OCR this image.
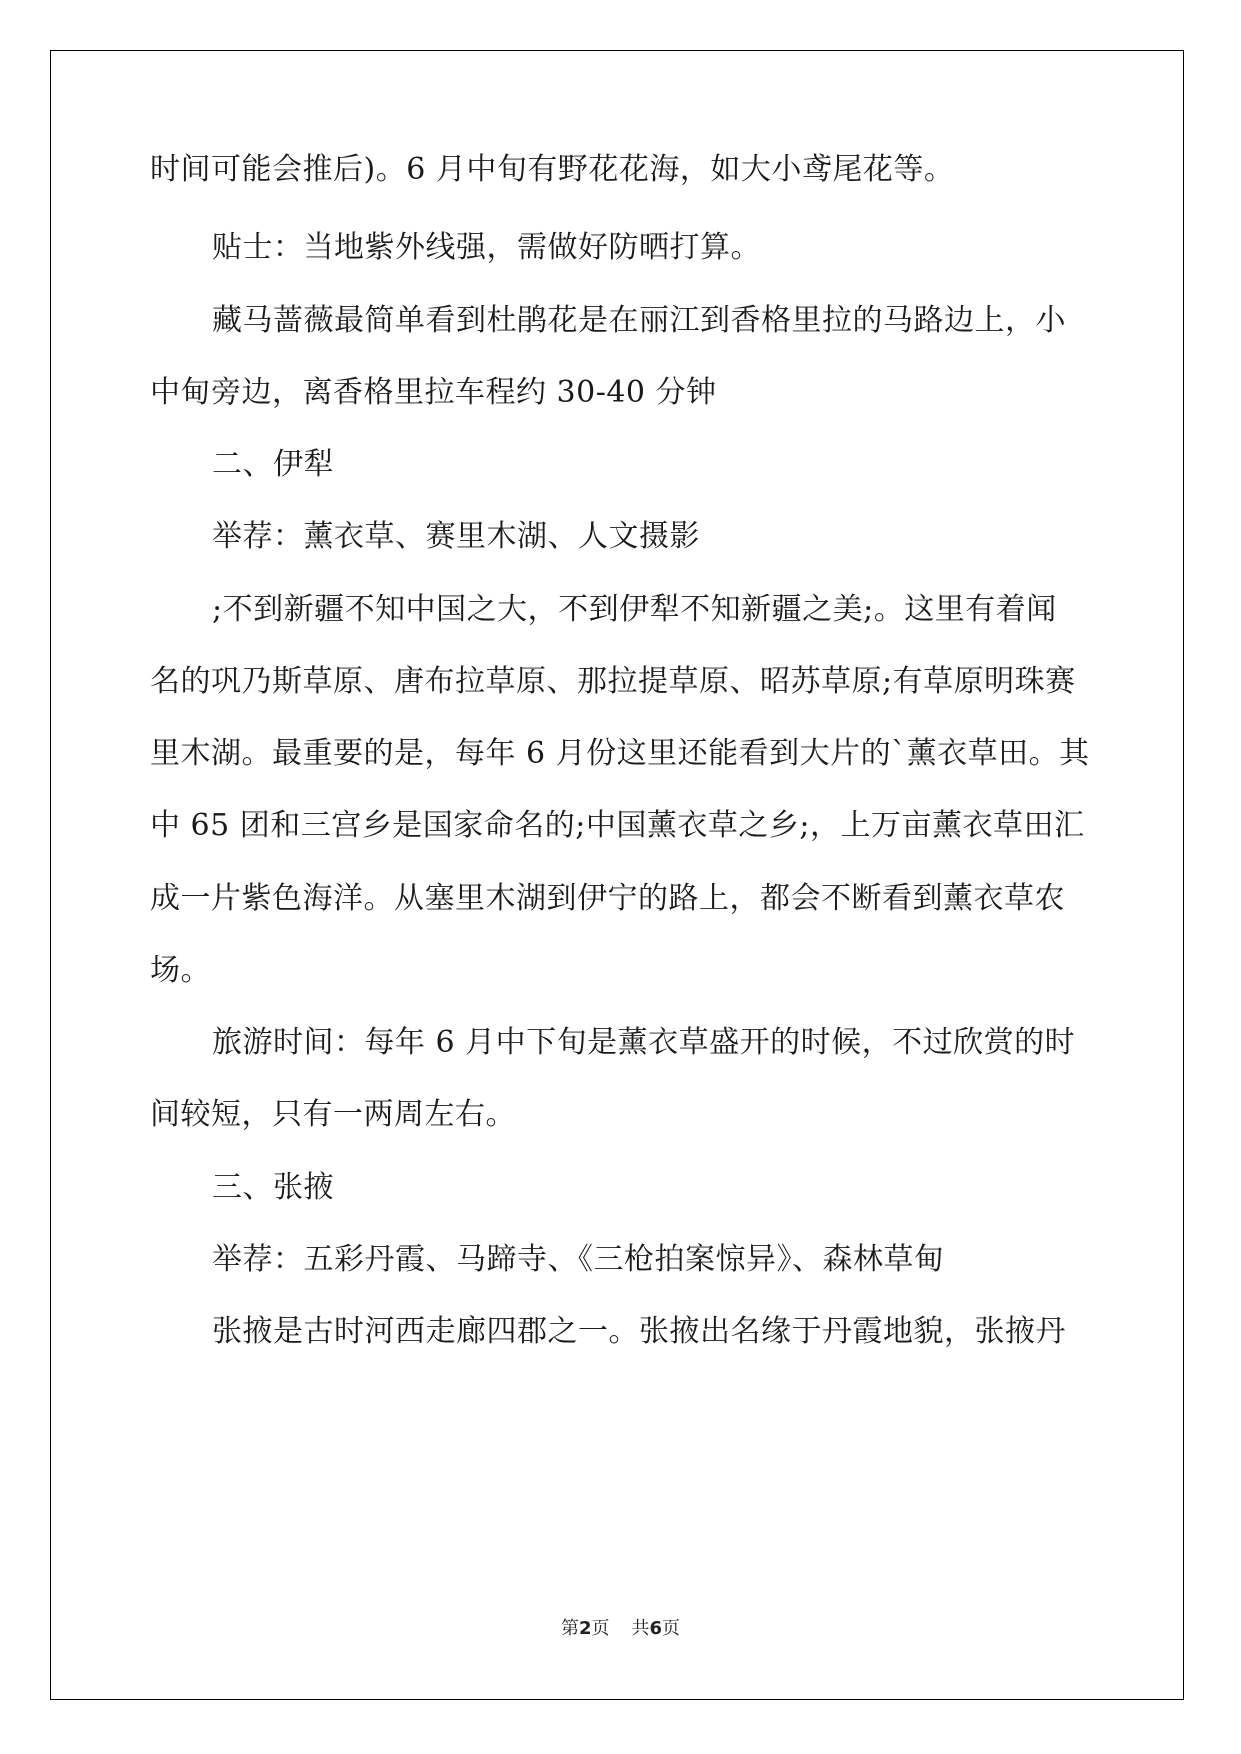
时间可能会推后)。6 月中旬有野花花海，如大小鸢尾花等。
贴士：当地紫外线强，需做好防晒打算。
藏马蔷薇最简单看到杜鹃花是在丽江到香格里拉的马路边上，小
中甸旁边，离香格里拉车程约 30-40 分钟
二、伊犁
举荐：薰衣草、赛里木湖、人文摄影
;不到新疆不知中国之大，不到伊犁不知新疆之美;。这里有着闻
名的巩乃斯草原、唐布拉草原、那拉提草原、昭苏草原;有草原明珠赛
里木湖。最重要的是，每年 6 月份这里还能看到大片的`薰衣草田。其
中 65 团和三宫乡是国家命名的;中国薰衣草之乡;，上万亩薰衣草田汇
成一片紫色海洋。从塞里木湖到伊宁的路上，都会不断看到薰衣草农
场。
旅游时间：每年 6 月中下旬是薰衣草盛开的时候，不过欣赏的时
间较短，只有一两周左右。
三、张掖
举荐：五彩丹霞、马蹄寺、《三枪拍案惊异》、森林草甸
张掖是古时河西走廊四郡之一。张掖出名缘于丹霞地貌，张掖丹
第2页 共6页
